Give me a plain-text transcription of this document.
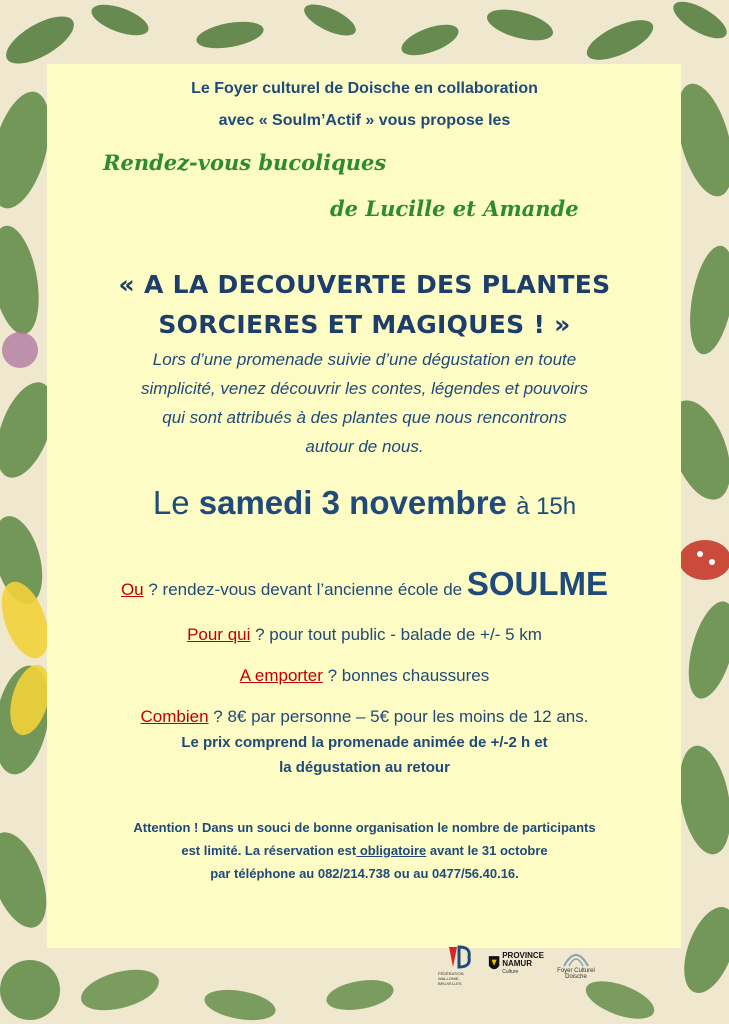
Le Foyer culturel de Doische en collaboration

avec « Soulm’Actif » vous propose les

Rendez-vous bucoliques

de Lucille et Amande

« A LA DECOUVERTE DES PLANTES

SORCIERES ET MAGIQUES ! »

Lors d’une promenade suivie d’une dégustation en toute

simplicité, venez découvrir les contes, légendes et pouvoirs

qui sont attribués à des plantes que nous rencontrons

autour de nous.

Le samedi 3 novembre à 15h

Ou ? rendez-vous devant l’ancienne école de SOULME

Pour qui ? pour tout public - balade de +/- 5 km

A emporter ? bonnes chaussures

Combien ? 8€ par personne – 5€ pour les moins de 12 ans.

Le prix comprend la promenade animée de +/-2 h et

la dégustation au retour

Attention ! Dans un souci de bonne organisation le nombre de participants

est limité. La réservation est obligatoire avant le 31 octobre

par téléphone au 082/214.738 ou au 0477/56.40.16.

FÉDÉRATION WALLONIE-BRUXELLES
PROVINCE
NAMUR
Culture	Foyer Culturel
Doische
